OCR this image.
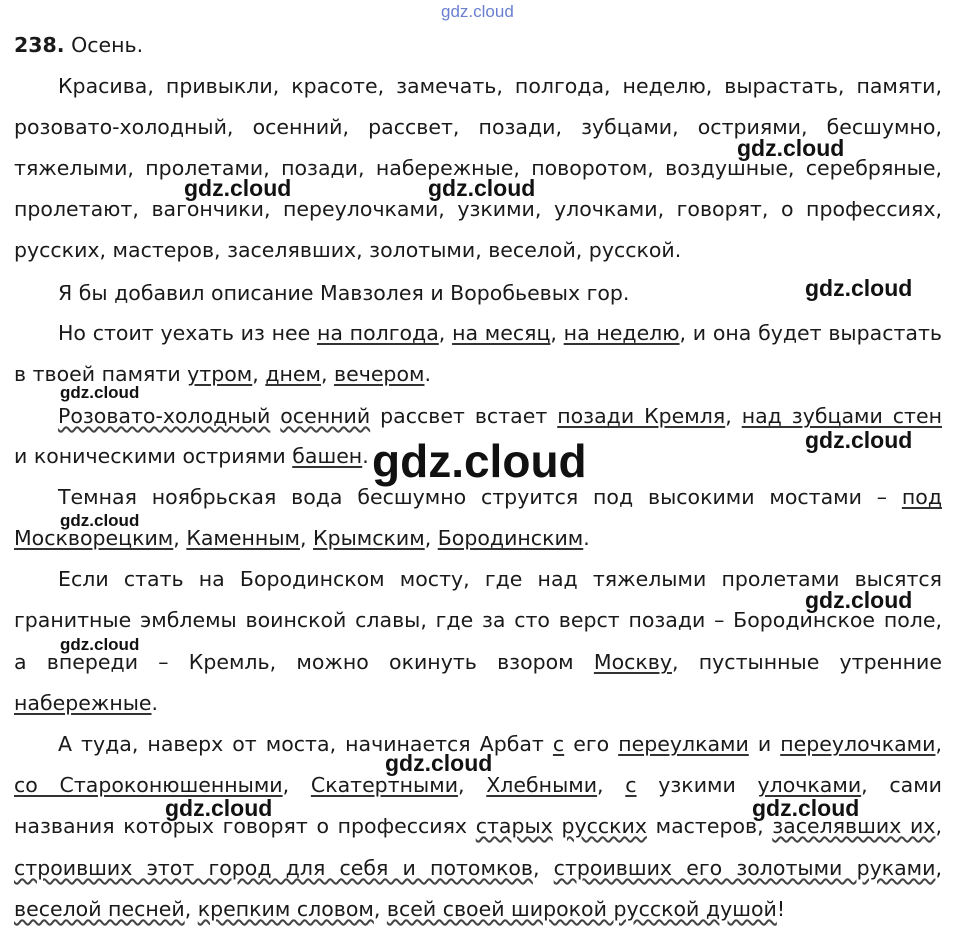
gdz.cloud
238. Осень.
Красива, привыкли, красоте, замечать, полгода, неделю, вырастать, памяти,
розовато-холодный, осенний, рассвет, позади, зубцами, остриями, бесшумно,
тяжелыми, пролетами, позади, набережные, поворотом, воздушные, серебряные,
пролетают, вагончики, переулочками, узкими, улочками, говорят, о профессиях,
русских, мастеров, заселявших, золотыми, веселой, русской.
Я бы добавил описание Мавзолея и Воробьевых гор.
Но стоит уехать из нее на полгода, на месяц, на неделю, и она будет вырастать
в твоей памяти утром, днем, вечером.
Розовато-холодный осенний рассвет встает позади Кремля, над зубцами стен
и коническими остриями башен.
Темная ноябрьская вода бесшумно струится под высокими мостами – под
Москворецким, Каменным, Крымским, Бородинским.
Если стать на Бородинском мосту, где над тяжелыми пролетами высятся
гранитные эмблемы воинской славы, где за сто верст позади – Бородинское поле,
а впереди – Кремль, можно окинуть взором Москву, пустынные утренние
набережные.
А туда, наверх от моста, начинается Арбат с его переулками и переулочками,
со Староконюшенными, Скатертными, Хлебными, с узкими улочками, сами
названия которых говорят о профессиях старых русских мастеров, заселявших их,
строивших этот город для себя и потомков, строивших его золотыми руками,
веселой песней, крепким словом, всей своей широкой русской душой!
gdz.cloud
gdz.cloud	gdz.cloud
gdz.cloud
gdz.cloud
gdz.cloud
gdz.cloud
gdz.cloud
gdz.cloud
gdz.cloud
gdz.cloud
gdz.cloud	gdz.cloud
